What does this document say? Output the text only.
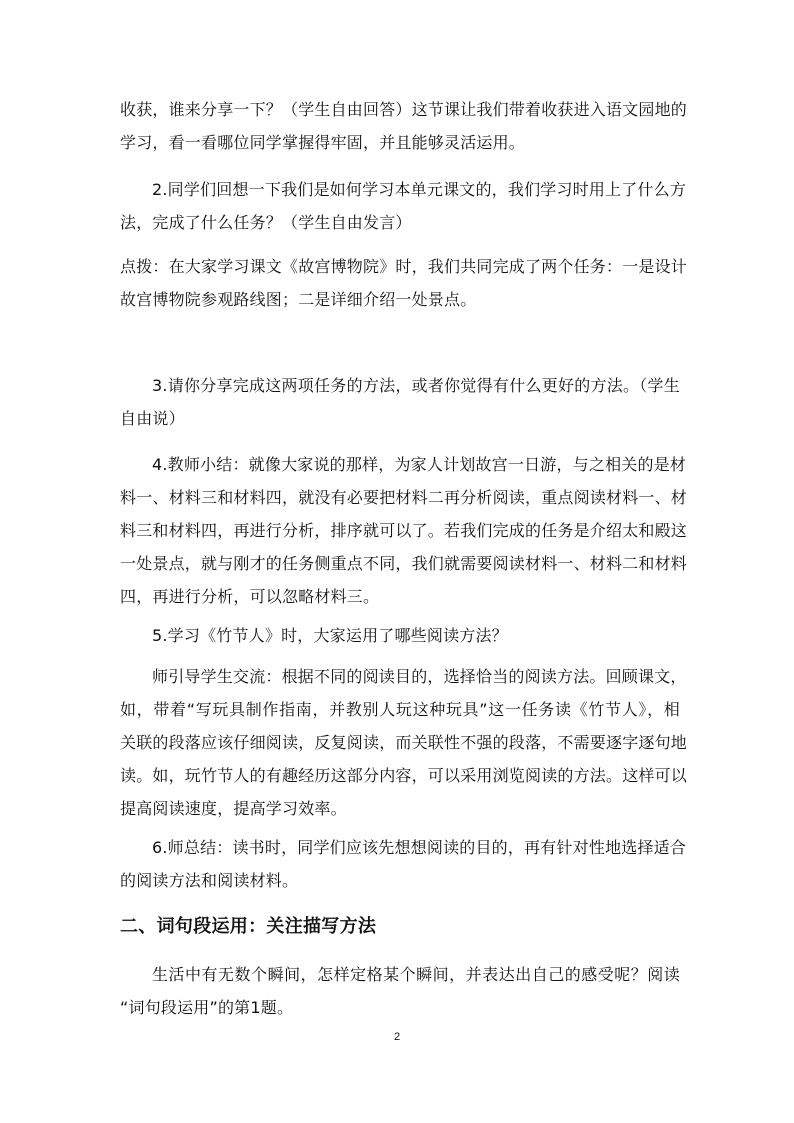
收获，谁来分享一下？（学生自由回答）这节课让我们带着收获进入语文园地的
学习，看一看哪位同学掌握得牢固，并且能够灵活运用。
2.同学们回想一下我们是如何学习本单元课文的，我们学习时用上了什么方
法，完成了什么任务？（学生自由发言）
点拨：在大家学习课文《故宫博物院》时，我们共同完成了两个任务：一是设计
故宫博物院参观路线图；二是详细介绍一处景点。
3.请你分享完成这两项任务的方法，或者你觉得有什么更好的方法。（学生
自由说）
4.教师小结：就像大家说的那样，为家人计划故宫一日游，与之相关的是材
料一、材料三和材料四，就没有必要把材料二再分析阅读，重点阅读材料一、材
料三和材料四，再进行分析，排序就可以了。若我们完成的任务是介绍太和殿这
一处景点，就与刚才的任务侧重点不同，我们就需要阅读材料一、材料二和材料
四，再进行分析，可以忽略材料三。
5.学习《竹节人》时，大家运用了哪些阅读方法？
师引导学生交流：根据不同的阅读目的，选择恰当的阅读方法。回顾课文，
如，带着“写玩具制作指南，并教别人玩这种玩具”这一任务读《竹节人》，相
关联的段落应该仔细阅读，反复阅读，而关联性不强的段落，不需要逐字逐句地
读。如，玩竹节人的有趣经历这部分内容，可以采用浏览阅读的方法。这样可以
提高阅读速度，提高学习效率。
6.师总结：读书时，同学们应该先想想阅读的目的，再有针对性地选择适合
的阅读方法和阅读材料。
二、词句段运用：关注描写方法
生活中有无数个瞬间，怎样定格某个瞬间，并表达出自己的感受呢？阅读
“词句段运用”的第1题。
2
